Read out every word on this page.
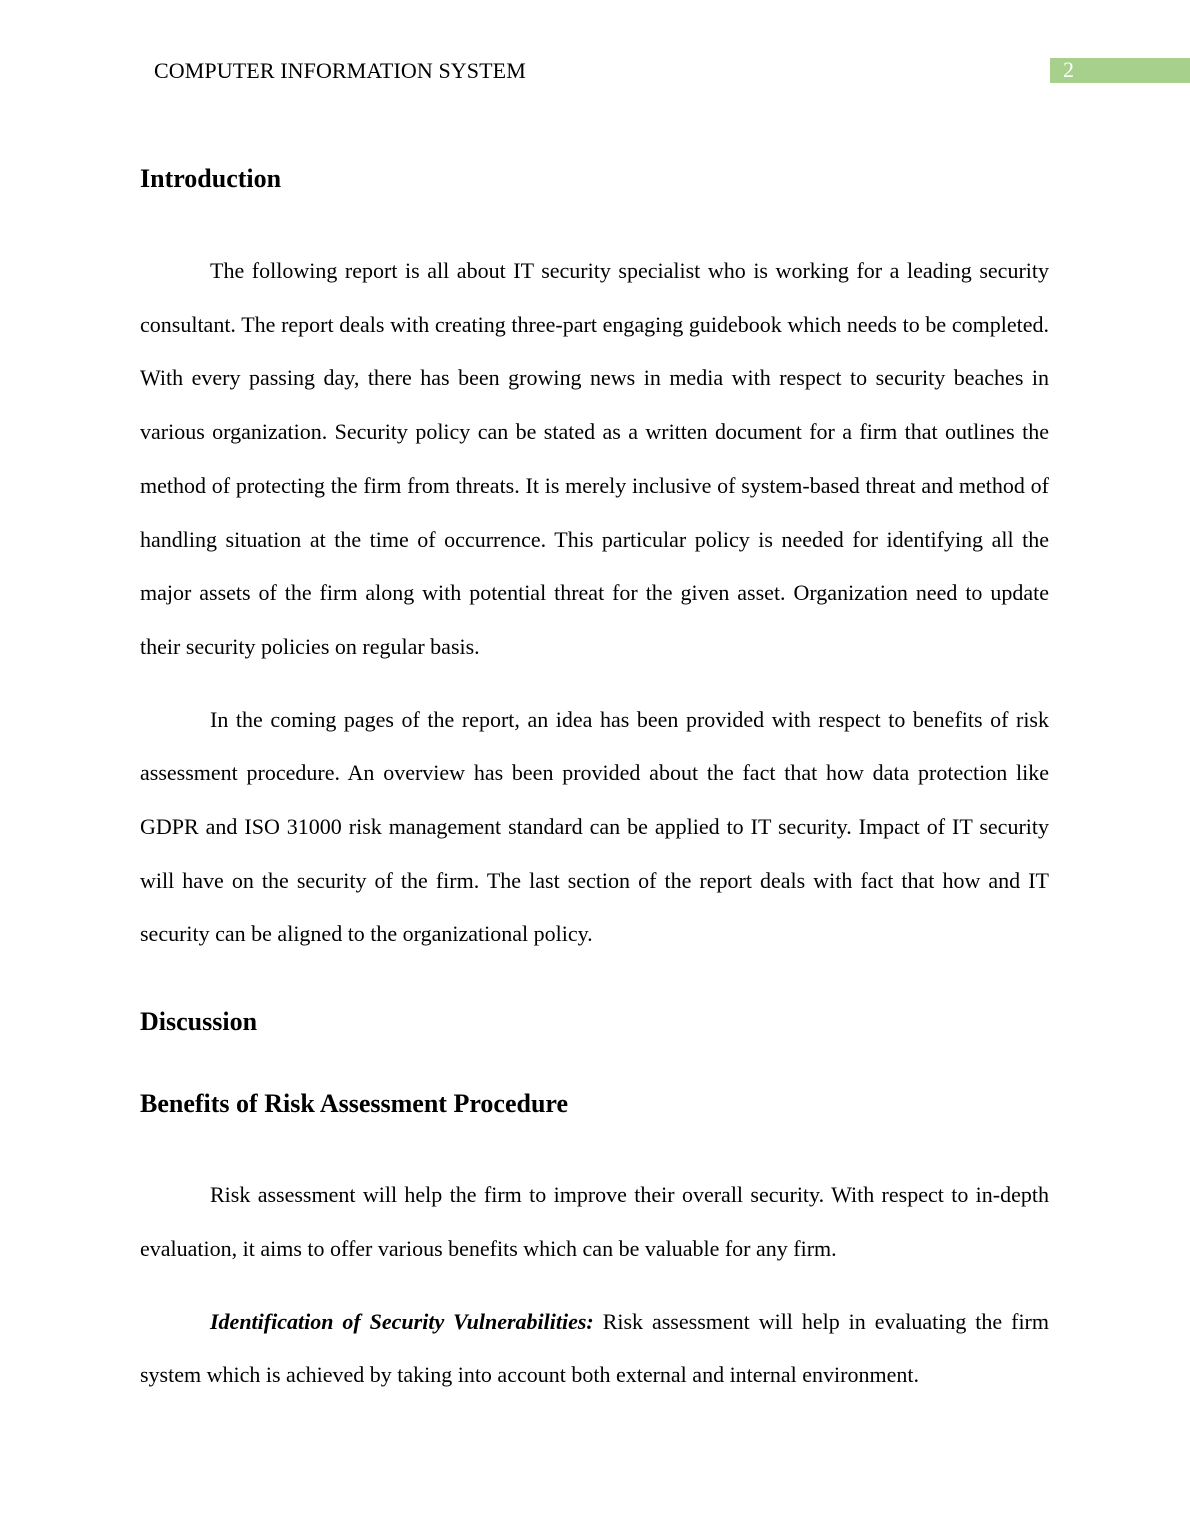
COMPUTER INFORMATION SYSTEM	2
Introduction

The following report is all about IT security specialist who is working for a leading security consultant. The report deals with creating three-part engaging guidebook which needs to be completed. With every passing day, there has been growing news in media with respect to security beaches in various organization. Security policy can be stated as a written document for a firm that outlines the method of protecting the firm from threats. It is merely inclusive of system-based threat and method of handling situation at the time of occurrence. This particular policy is needed for identifying all the major assets of the firm along with potential threat for the given asset. Organization need to update their security policies on regular basis.

In the coming pages of the report, an idea has been provided with respect to benefits of risk assessment procedure. An overview has been provided about the fact that how data protection like GDPR and ISO 31000 risk management standard can be applied to IT security. Impact of IT security will have on the security of the firm. The last section of the report deals with fact that how and IT security can be aligned to the organizational policy.

Discussion
Benefits of Risk Assessment Procedure

Risk assessment will help the firm to improve their overall security. With respect to in-depth evaluation, it aims to offer various benefits which can be valuable for any firm.

Identification of Security Vulnerabilities: Risk assessment will help in evaluating the firm system which is achieved by taking into account both external and internal environment.
